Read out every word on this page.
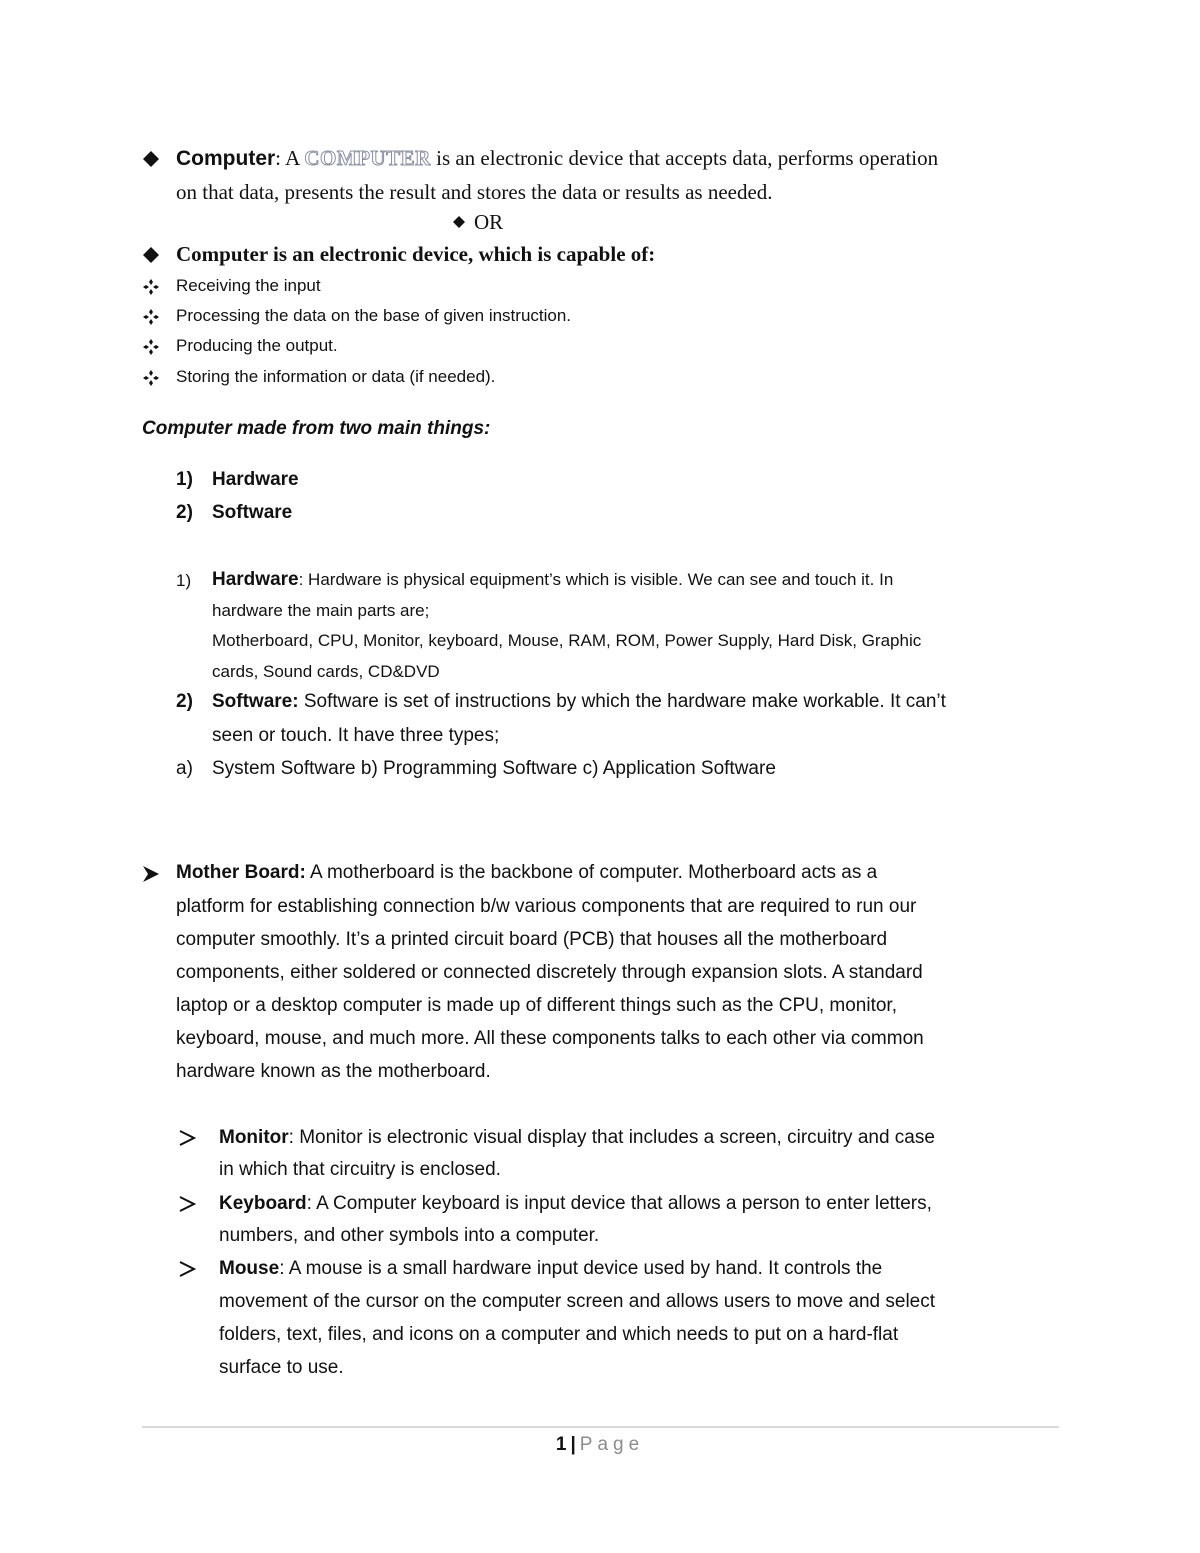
Computer: A COMPUTER is an electronic device that accepts data, performs operation
on that data, presents the result and stores the data or results as needed.
OR
Computer is an electronic device, which is capable of:
Receiving the input
Processing the data on the base of given instruction.
Producing the output.
Storing the information or data (if needed).
Computer made from two main things:
1) Hardware
2) Software
1) Hardware: Hardware is physical equipment’s which is visible. We can see and touch it. In
hardware the main parts are;
Motherboard, CPU, Monitor, keyboard, Mouse, RAM, ROM, Power Supply, Hard Disk, Graphic
cards, Sound cards, CD&DVD
2) Software: Software is set of instructions by which the hardware make workable. It can’t
seen or touch. It have three types;
a) System Software b) Programming Software c) Application Software
Mother Board: A motherboard is the backbone of computer. Motherboard acts as a
platform for establishing connection b/w various components that are required to run our
computer smoothly. It’s a printed circuit board (PCB) that houses all the motherboard
components, either soldered or connected discretely through expansion slots. A standard
laptop or a desktop computer is made up of different things such as the CPU, monitor,
keyboard, mouse, and much more. All these components talks to each other via common
hardware known as the motherboard.
Monitor: Monitor is electronic visual display that includes a screen, circuitry and case
in which that circuitry is enclosed.
Keyboard: A Computer keyboard is input device that allows a person to enter letters,
numbers, and other symbols into a computer.
Mouse: A mouse is a small hardware input device used by hand. It controls the
movement of the cursor on the computer screen and allows users to move and select
folders, text, files, and icons on a computer and which needs to put on a hard-flat
surface to use.
1 | Page
